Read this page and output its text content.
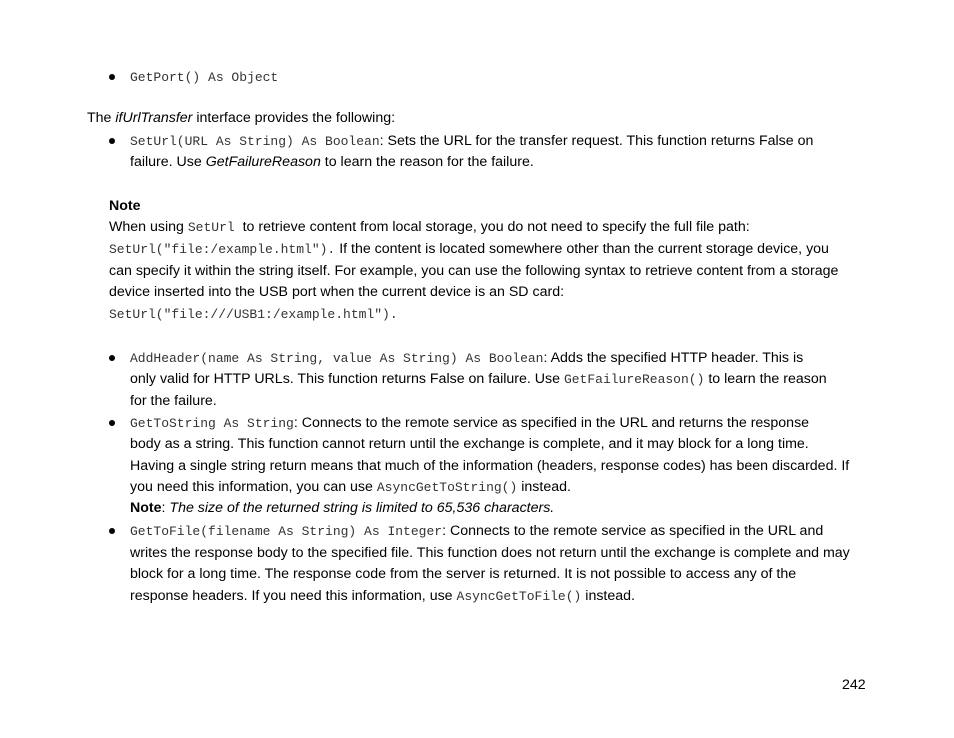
GetPort() As Object
The ifUrlTransfer interface provides the following:
SetUrl(URL As String) As Boolean: Sets the URL for the transfer request. This function returns False on
failure. Use GetFailureReason to learn the reason for the failure.
Note
When using SetUrl  to retrieve content from local storage, you do not need to specify the full file path:
SetUrl("file:/example.html"). If the content is located somewhere other than the current storage device, you
can specify it within the string itself. For example, you can use the following syntax to retrieve content from a storage
device inserted into the USB port when the current device is an SD card:
SetUrl("file:///USB1:/example.html").
AddHeader(name As String, value As String) As Boolean: Adds the specified HTTP header. This is
only valid for HTTP URLs. This function returns False on failure. Use GetFailureReason() to learn the reason
for the failure.
GetToString As String: Connects to the remote service as specified in the URL and returns the response
body as a string. This function cannot return until the exchange is complete, and it may block for a long time.
Having a single string return means that much of the information (headers, response codes) has been discarded. If
you need this information, you can use AsyncGetToString() instead.
Note: The size of the returned string is limited to 65,536 characters.
GetToFile(filename As String) As Integer: Connects to the remote service as specified in the URL and
writes the response body to the specified file. This function does not return until the exchange is complete and may
block for a long time. The response code from the server is returned. It is not possible to access any of the
response headers. If you need this information, use AsyncGetToFile() instead.
242
